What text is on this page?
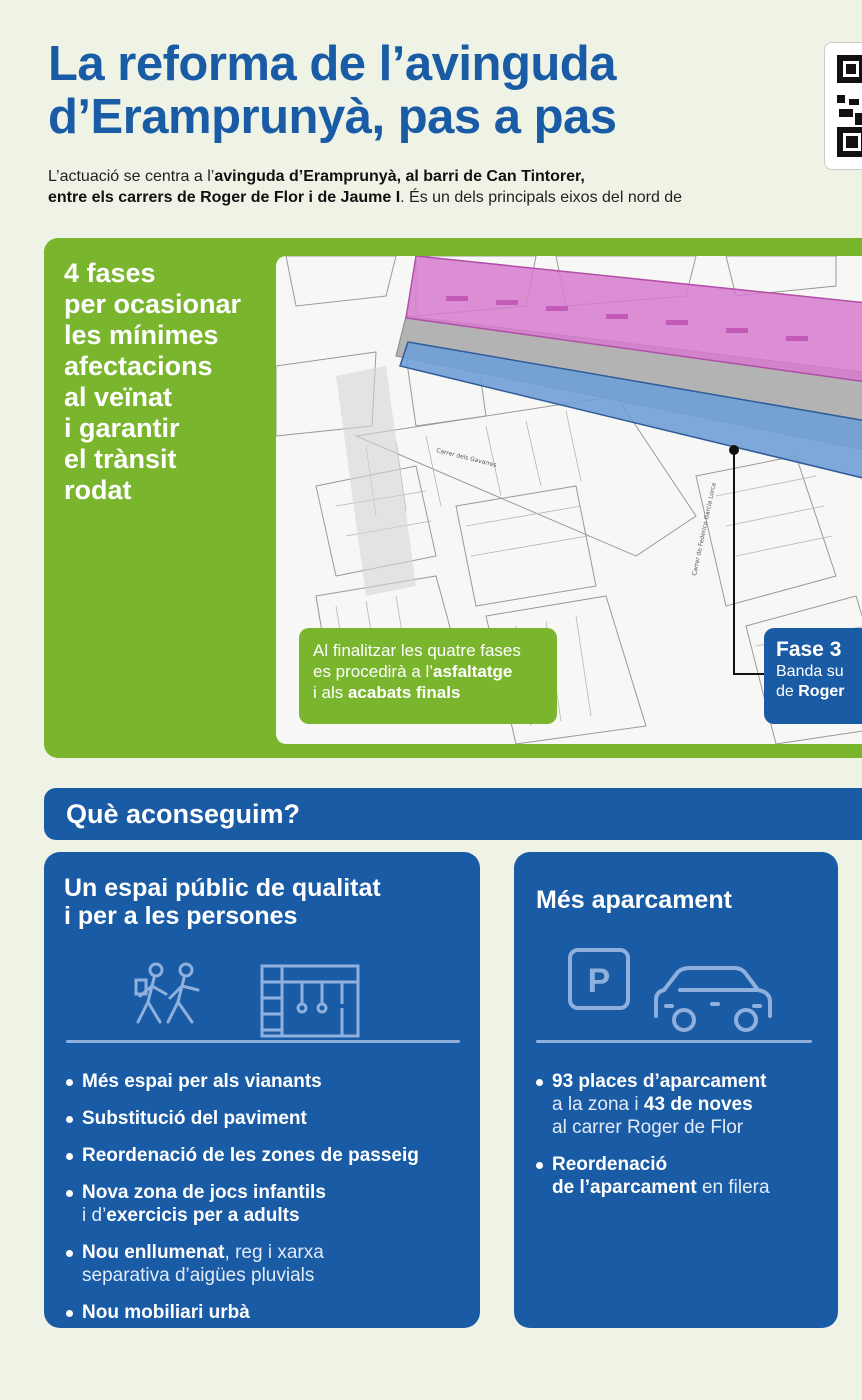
La reforma de l’avinguda
d’Eramprunyà, pas a pas
L’actuació se centra a l’avinguda d’Eramprunyà, al barri de Can Tintorer,
entre els carrers de Roger de Flor i de Jaume I. És un dels principals eixos del nord de
4 fases
per ocasionar
les mínimes
afectacions
al veïnat
i garantir
el trànsit
rodat
Carrer dels Gavarres
Carrer de Federico García Lorca
Al finalitzar les quatre fases
es procedirà a l’asfaltatge
i als acabats finals
Fase 3
Banda su
de Roger
Què aconseguim?
Un espai públic de qualitat
i per a les persones
Més espai per als vianants
Substitució del paviment
Reordenació de les zones de passeig
Nova zona de jocs infantils
i d’exercicis per a adults
Nou enllumenat, reg i xarxa
separativa d’aigües pluvials
Nou mobiliari urbà
Més aparcament
P
93 places d’aparcament
a la zona i 43 de noves
al carrer Roger de Flor
Reordenació
de l’aparcament en filera
